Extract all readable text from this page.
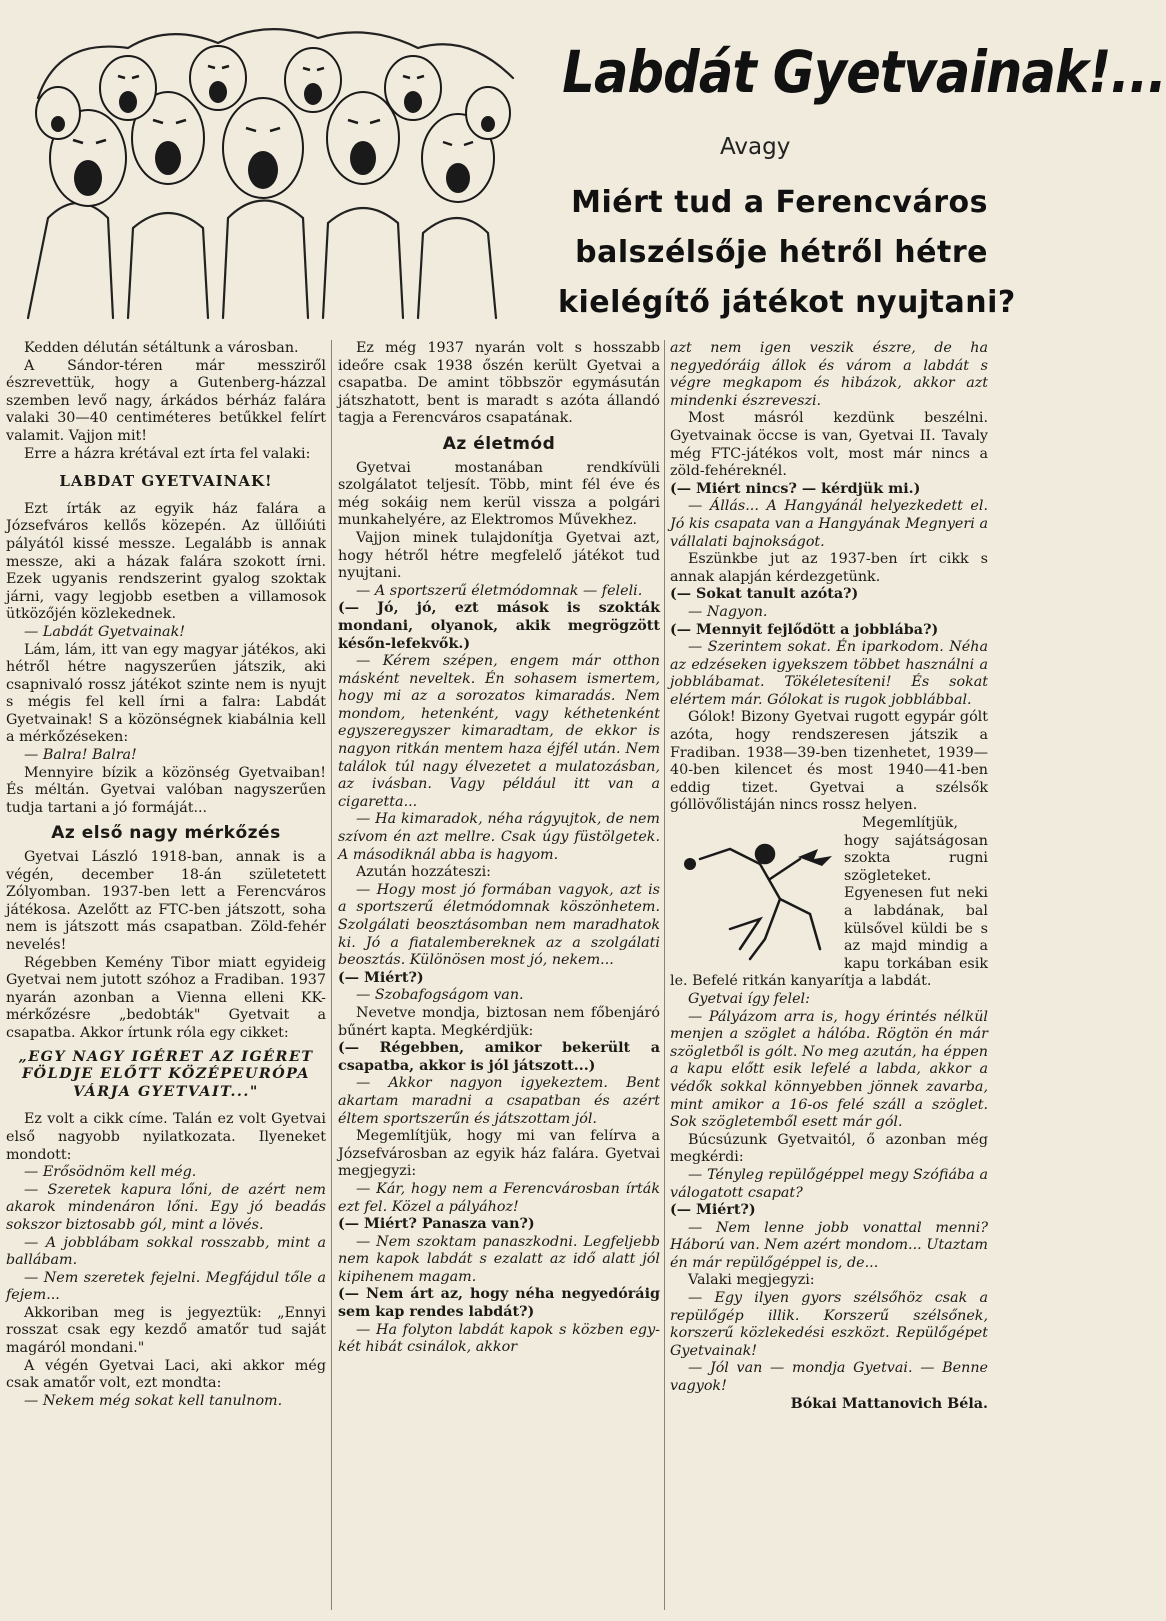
Labdát Gyetvainak!...
Avagy
Miért tud a Ferencváros
balszélsője hétről hétre
kielégítő játékot nyujtani?

Kedden délután sétáltunk a városban.

A Sándor-téren már messziről észrevettük, hogy a Gutenberg-házzal szemben levő nagy, árkádos bérház falára valaki 30—40 centiméteres betűkkel felírt valamit. Vajjon mit!

Erre a házra krétával ezt írta fel valaki:

LABDAT GYETVAINAK!

Ezt írták az egyik ház falára a Józsefváros kellős közepén. Az üllőiúti pályától kissé messze. Legalább is annak messze, aki a házak falára szokott írni. Ezek ugyanis rendszerint gyalog szoktak járni, vagy legjobb esetben a villamosok ütközőjén közlekednek.

— Labdát Gyetvainak!

Lám, lám, itt van egy magyar játékos, aki hétről hétre nagyszerűen játszik, aki csapnivaló rossz játékot szinte nem is nyujt s mégis fel kell írni a falra: Labdát Gyetvainak! S a közönségnek kiabálnia kell a mérkőzéseken:

— Balra! Balra!

Mennyire bízik a közönség Gyetvaiban! És méltán. Gyetvai valóban nagyszerűen tudja tartani a jó formáját...

Az első nagy mérkőzés

Gyetvai László 1918-ban, annak is a végén, december 18-án születetett Zólyomban. 1937-ben lett a Ferencváros játékosa. Azelőtt az FTC-ben játszott, soha nem is játszott más csapatban. Zöld-fehér nevelés!

Régebben Kemény Tibor miatt egyideig Gyetvai nem jutott szóhoz a Fradiban. 1937 nyarán azonban a Vienna elleni KK-mérkőzésre „bedobták" Gyetvait a csapatba. Akkor írtunk róla egy cikket:

„EGY NAGY IGÉRET AZ IGÉRET FÖLDJE ELŐTT KÖZÉPEURÓPA VÁRJA GYETVAIT..."

Ez volt a cikk címe. Talán ez volt Gyetvai első nagyobb nyilatkozata. Ilyeneket mondott:

— Erősödnöm kell még.

— Szeretek kapura lőni, de azért nem akarok mindenáron lőni. Egy jó beadás sokszor biztosabb gól, mint a lövés.

— A jobblábam sokkal rosszabb, mint a ballábam.

— Nem szeretek fejelni. Megfájdul tőle a fejem...

Akkoriban meg is jegyeztük: „Ennyi rosszat csak egy kezdő amatőr tud saját magáról mondani."

A végén Gyetvai Laci, aki akkor még csak amatőr volt, ezt mondta:

— Nekem még sokat kell tanulnom.

Ez még 1937 nyarán volt s hosszabb ideőre csak 1938 őszén került Gyetvai a csapatba. De amint többször egymásután játszhatott, bent is maradt s azóta állandó tagja a Ferencváros csapatának.

Az életmód

Gyetvai mostanában rendkívüli szolgálatot teljesít. Több, mint fél éve és még sokáig nem kerül vissza a polgári munkahelyére, az Elektromos Művekhez.

Vajjon minek tulajdonítja Gyetvai azt, hogy hétről hétre megfelelő játékot tud nyujtani.

— A sportszerű életmódomnak — feleli.

(— Jó, jó, ezt mások is szokták mondani, olyanok, akik megrögzött későn-lefekvők.)

— Kérem szépen, engem már otthon másként neveltek. Én sohasem ismertem, hogy mi az a sorozatos kimaradás. Nem mondom, hetenként, vagy kéthetenként egyszeregyszer kimaradtam, de ekkor is nagyon ritkán mentem haza éjfél után. Nem találok túl nagy élvezetet a mulatozásban, az ivásban. Vagy például itt van a cigaretta...

— Ha kimaradok, néha rágyujtok, de nem szívom én azt mellre. Csak úgy füstölgetek. A másodiknál abba is hagyom.

Azután hozzáteszi:

— Hogy most jó formában vagyok, azt is a sportszerű életmódomnak köszönhetem. Szolgálati beosztásomban nem maradhatok ki. Jó a fiatalembereknek az a szolgálati beosztás. Különösen most jó, nekem...

(— Miért?)

— Szobafogságom van.

Nevetve mondja, biztosan nem főbenjáró bűnért kapta. Megkérdjük:

(— Régebben, amikor bekerült a csapatba, akkor is jól játszott...)

— Akkor nagyon igyekeztem. Bent akartam maradni a csapatban és azért éltem sportszerűn és játszottam jól.

Megemlítjük, hogy mi van felírva a Józsefvárosban az egyik ház falára. Gyetvai megjegyzi:

— Kár, hogy nem a Ferencvárosban írták ezt fel. Közel a pályához!

(— Miért? Panasza van?)

— Nem szoktam panaszkodni. Legfeljebb nem kapok labdát s ezalatt az idő alatt jól kipihenem magam.

(— Nem árt az, hogy néha negyedóráig sem kap rendes labdát?)

— Ha folyton labdát kapok s közben egy-két hibát csinálok, akkor

azt nem igen veszik észre, de ha negyedóráig állok és várom a labdát s végre megkapom és hibázok, akkor azt mindenki észreveszi.

Most másról kezdünk beszélni. Gyetvainak öccse is van, Gyetvai II. Tavaly még FTC-játékos volt, most már nincs a zöld-fehéreknél.

(— Miért nincs? — kérdjük mi.)

— Állás... A Hangyánál helyezkedett el. Jó kis csapata van a Hangyának Megnyeri a vállalati bajnokságot.

Eszünkbe jut az 1937-ben írt cikk s annak alapján kérdezgetünk.

(— Sokat tanult azóta?)

— Nagyon.

(— Mennyit fejlődött a jobblába?)

— Szerintem sokat. Én iparkodom. Néha az edzéseken igyekszem többet használni a jobblábamat. Tökéletesíteni! És sokat elértem már. Gólokat is rugok jobblábbal.

Gólok! Bizony Gyetvai rugott egypár gólt azóta, hogy rendszeresen játszik a Fradiban. 1938—39-ben tizenhetet, 1939—40-ben kilencet és most 1940—41-ben eddig tizet. Gyetvai a szélsők góllövőlistáján nincs rossz helyen.

Megemlítjük, hogy sajátságosan szokta rugni szögleteket. Egyenesen fut neki a labdának, bal külsővel küldi be s az majd mindig a kapu torkában esik le. Befelé ritkán kanyarítja a labdát.

Gyetvai így felel:

— Pályázom arra is, hogy érintés nélkül menjen a szöglet a hálóba. Rögtön én már szögletből is gólt. No meg azután, ha éppen a kapu előtt esik lefelé a labda, akkor a védők sokkal könnyebben jönnek zavarba, mint amikor a 16-os felé száll a szöglet. Sok szögletemből esett már gól.

Búcsúzunk Gyetvaitól, ő azonban még megkérdi:

— Tényleg repülőgéppel megy Szófiába a válogatott csapat?

(— Miért?)

— Nem lenne jobb vonattal menni? Háború van. Nem azért mondom... Utaztam én már repülőgéppel is, de...

Valaki megjegyzi:

— Egy ilyen gyors szélsőhöz csak a repülőgép illik. Korszerű szélsőnek, korszerű közlekedési eszközt. Repülőgépet Gyetvainak!

— Jól van — mondja Gyetvai. — Benne vagyok!

Bókai Mattanovich Béla.
